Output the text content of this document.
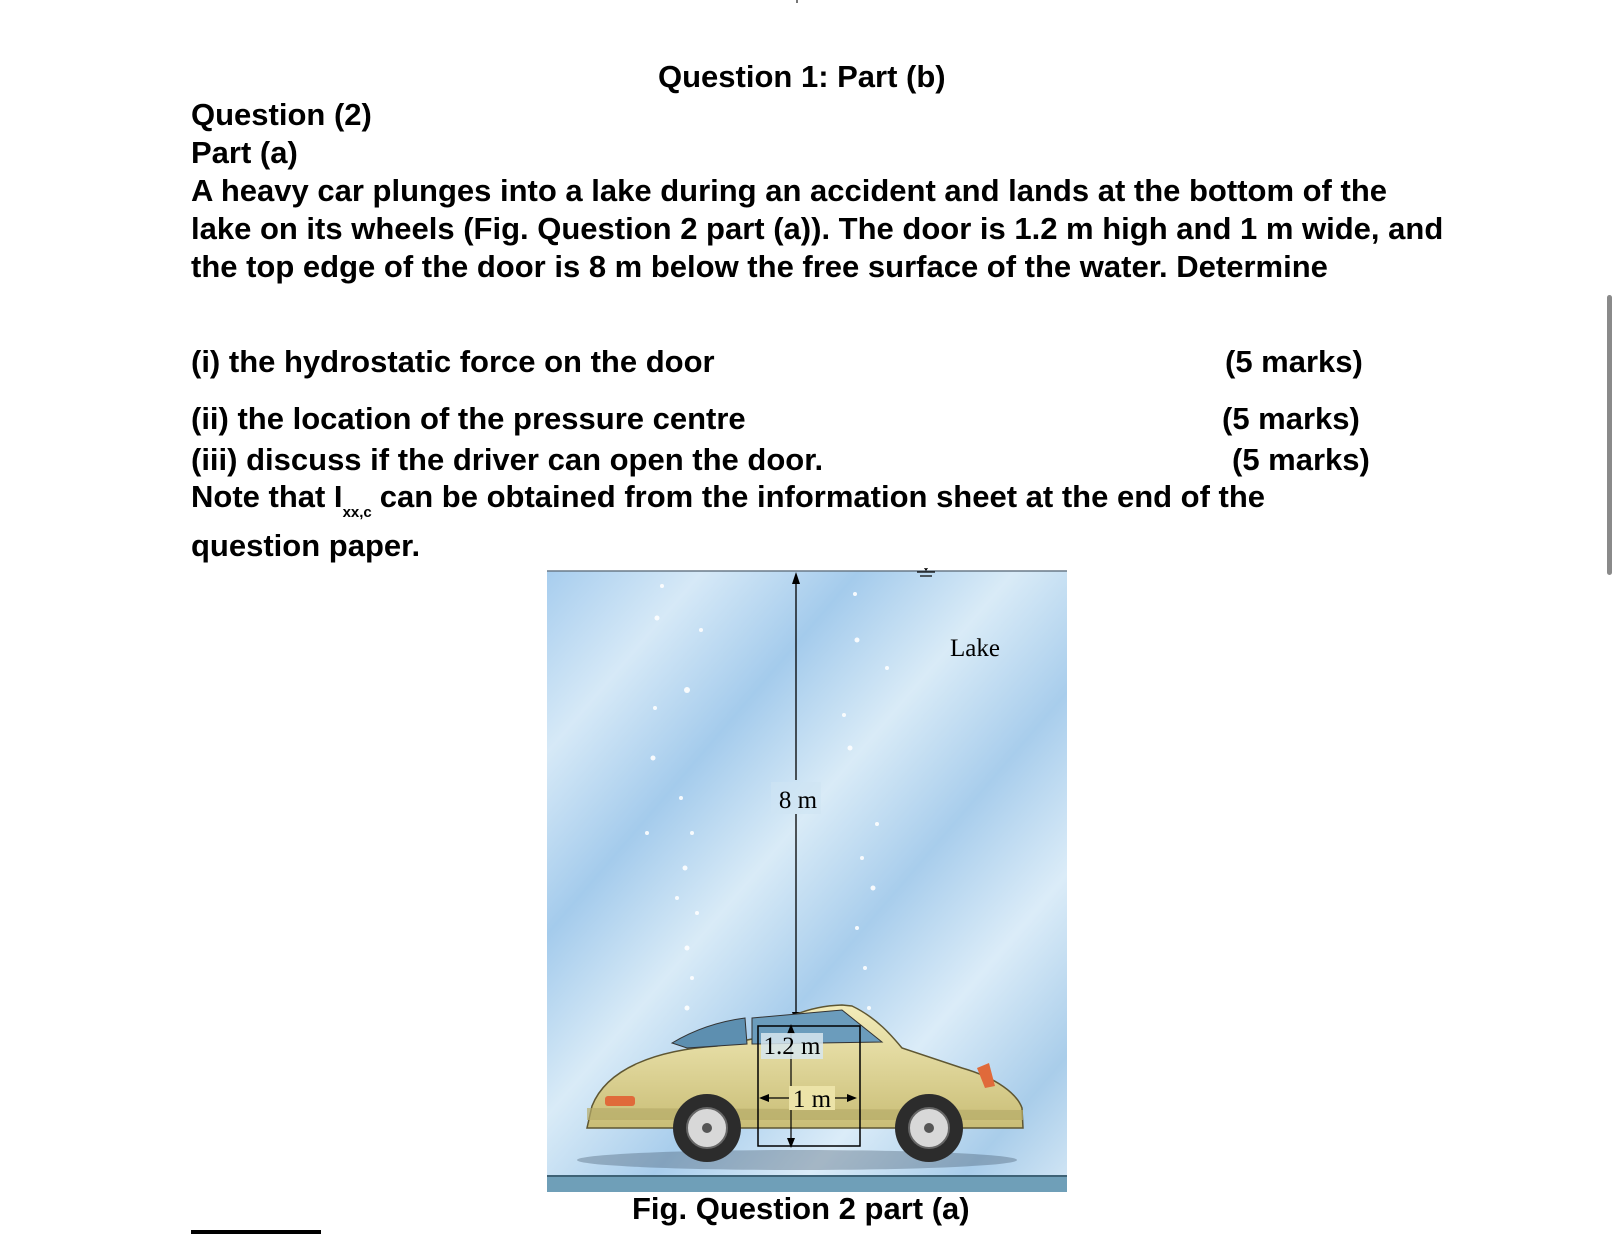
Question 1: Part (b)

Question (2)

Part (a)

A heavy car plunges into a lake during an accident and lands at the bottom of the lake on its wheels (Fig. Question 2 part (a)). The door is 1.2 m high and 1 m wide, and the top edge of the door is 8 m below the free surface of the water. Determine

(i) the hydrostatic force on the door	(5 marks)

(ii) the location of the pressure centre	(5 marks)

(iii) discuss if the driver can open the door.	(5 marks)

Note that $I_{xx,c}$ can be obtained from the information sheet at the end of the

question paper.

Lake
8 m
1.2 m
1 m

Fig. Question 2 part (a)
